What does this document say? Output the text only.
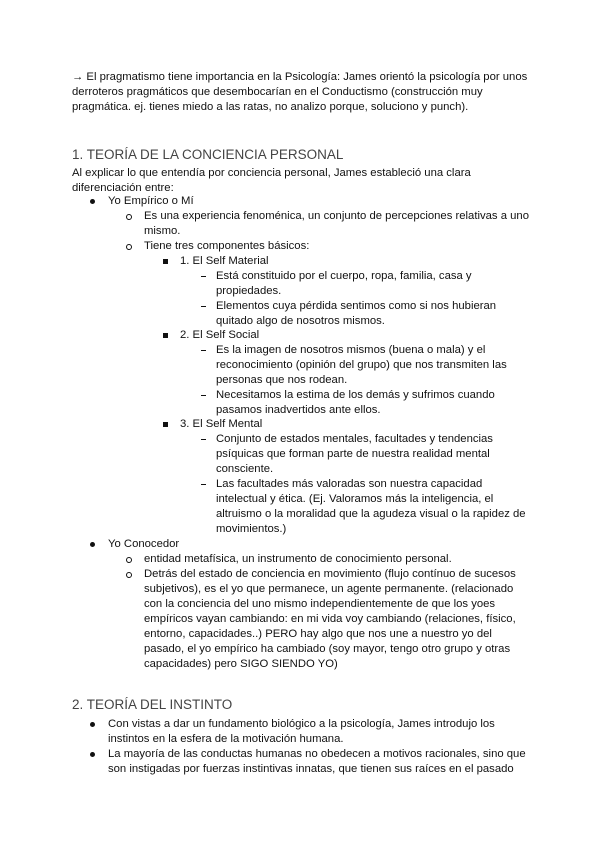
→ El pragmatismo tiene importancia en la Psicología: James orientó la psicología por unos
derroteros pragmáticos que desembocarían en el Conductismo (construcción muy
pragmática. ej. tienes miedo a las ratas, no analizo porque, soluciono y punch).
1. TEORÍA DE LA CONCIENCIA PERSONAL
Al explicar lo que entendía por conciencia personal, James estableció una clara
diferenciación entre:
Yo Empírico o Mí
Es una experiencia fenoménica, un conjunto de percepciones relativas a uno
mismo.
Tiene tres componentes básicos:
1. El Self Material
Está constituido por el cuerpo, ropa, familia, casa y
propiedades.
Elementos cuya pérdida sentimos como si nos hubieran
quitado algo de nosotros mismos.
2. El Self Social
Es la imagen de nosotros mismos (buena o mala) y el
reconocimiento (opinión del grupo) que nos transmiten las
personas que nos rodean.
Necesitamos la estima de los demás y sufrimos cuando
pasamos inadvertidos ante ellos.
3. El Self Mental
Conjunto de estados mentales, facultades y tendencias
psíquicas que forman parte de nuestra realidad mental
consciente.
Las facultades más valoradas son nuestra capacidad
intelectual y ética. (Ej. Valoramos más la inteligencia, el
altruismo o la moralidad que la agudeza visual o la rapidez de
movimientos.)
Yo Conocedor
entidad metafísica, un instrumento de conocimiento personal.
Detrás del estado de conciencia en movimiento (flujo contínuo de sucesos
subjetivos), es el yo que permanece, un agente permanente. (relacionado
con la conciencia del uno mismo independientemente de que los yoes
empíricos vayan cambiando: en mi vida voy cambiando (relaciones, físico,
entorno, capacidades..) PERO hay algo que nos une a nuestro yo del
pasado, el yo empírico ha cambiado (soy mayor, tengo otro grupo y otras
capacidades) pero SIGO SIENDO YO)
2. TEORÍA DEL INSTINTO
Con vistas a dar un fundamento biológico a la psicología, James introdujo los
instintos en la esfera de la motivación humana.
La mayoría de las conductas humanas no obedecen a motivos racionales, sino que
son instigadas por fuerzas instintivas innatas, que tienen sus raíces en el pasado
